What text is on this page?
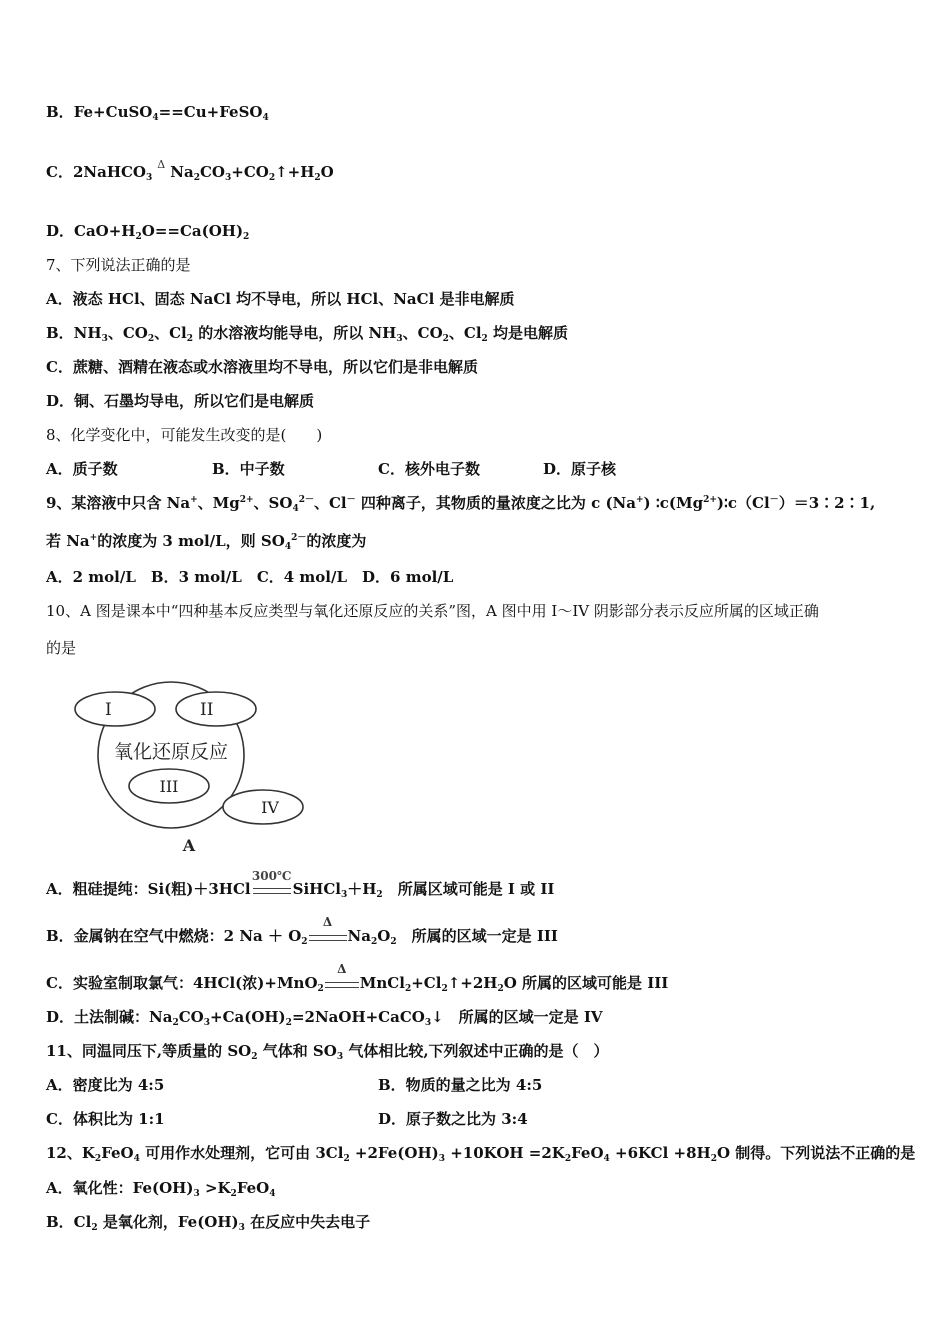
B．Fe+CuSO$_4$==Cu+FeSO$_4$
C．2NaHCO$_3$
Δ $Na_2CO_3+CO_2↑+H_2O$
D．$CaO+H_2O==Ca(OH)_2$
7、下列说法正确的是
A．液态 HCl、固态 NaCl 均不导电，所以 HCl、NaCl 是非电解质
B．$NH_3$、$CO_2$、$Cl_2$ 的水溶液均能导电，所以 $NH_3$、$CO_2$、$Cl_2$ 均是电解质
C．蔗糖、酒精在液态或水溶液里均不导电，所以它们是非电解质
D．铜、石墨均导电，所以它们是电解质
8、化学变化中，可能发生改变的是(　　)
A．质子数	B．中子数	C．核外电子数	D．原子核
9、某溶液中只含 Na+、$Mg^{2+}$、$SO_4^{2-}$、Cl－ 四种离子，其物质的量浓度之比为 c (Na+) $∶c(Mg^{2+})∶c(Cl^-)=3∶2∶1$,
若 Na+的浓度为 3 mol/L，则 $SO_4^{2-}$的浓度为
A．2 mol/L　B．3 mol/L　C．4 mol/L　D．6 mol/L
10、A 图是课本中“四种基本反应类型与氧化还原反应的关系”图，A 图中用 I～IV 阴影部分表示反应所属的区域正确
的是
I	II
氧化还原反应
III
IV
A
A．粗硅提纯：Si(粗)＋3HCl
300℃
$SiHCl_3+H_2$　所属区域可能是 I 或 II
B．金属钠在空气中燃烧：2 $Na + O_2$
Δ
$Na_2O_2$　所属的区域一定是 III
C．实验室制取氯气：4HCl(浓)+MnO$_2$
Δ
$MnCl_2+Cl_2↑+2H_2O$ 所属的区域可能是 III
D．土法制碱：$Na_2CO_3+Ca(OH)_2=2NaOH+CaCO_3↓$　所属的区域一定是 IV
11、同温同压下,等质量的 $SO_2$ 气体和 $SO_3$ 气体相比较,下列叙述中正确的是（　）
A．密度比为 4:5	B．物质的量之比为 4:5
C．体积比为 1:1	D．原子数之比为 3:4
12、$K_2FeO_4$ 可用作水处理剂，它可由 $3Cl_2 +2Fe(OH)_3 +10KOH =2K_2FeO_4 +6KCl +8H_2O$ 制得。下列说法不正确的是
A．氧化性：$Fe(OH)_3 >K_2FeO_4$
B．$Cl_2$ 是氧化剂，$Fe(OH)_3$ 在反应中失去电子
